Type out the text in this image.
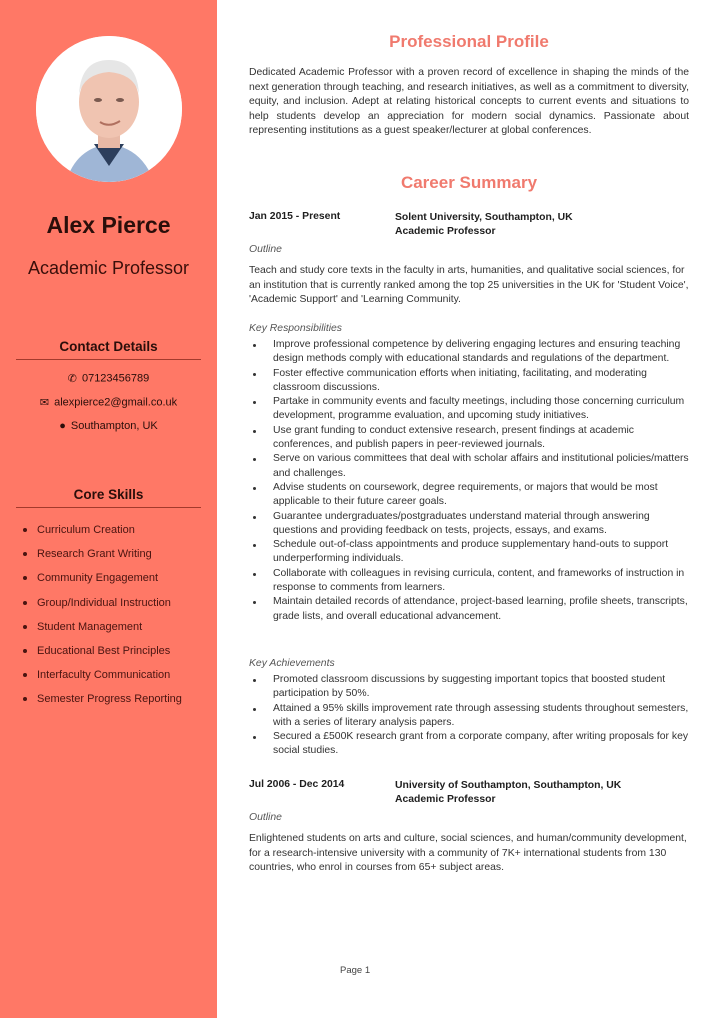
Alex Pierce
Academic Professor
Contact Details
✆ 07123456789
✉ alexpierce2@gmail.co.uk
● Southampton, UK
Core Skills
Curriculum Creation
Research Grant Writing
Community Engagement
Group/Individual Instruction
Student Management
Educational Best Principles
Interfaculty Communication
Semester Progress Reporting
Professional Profile
Dedicated Academic Professor with a proven record of excellence in shaping the minds of the next generation through teaching, and research initiatives, as well as a commitment to diversity, equity, and inclusion. Adept at relating historical concepts to current events and situations to help students develop an appreciation for modern social dynamics. Passionate about representing institutions as a guest speaker/lecturer at global conferences.
Career Summary
Jan 2015 - Present	Solent University, Southampton, UK
Academic Professor
Outline
Teach and study core texts in the faculty in arts, humanities, and qualitative social sciences, for an institution that is currently ranked among the top 25 universities in the UK for 'Student Voice', 'Academic Support' and 'Learning Community.
Key Responsibilities
Improve professional competence by delivering engaging lectures and ensuring teaching design methods comply with educational standards and regulations of the department.
Foster effective communication efforts when initiating, facilitating, and moderating classroom discussions.
Partake in community events and faculty meetings, including those concerning curriculum development, programme evaluation, and upcoming study initiatives.
Use grant funding to conduct extensive research, present findings at academic conferences, and publish papers in peer-reviewed journals.
Serve on various committees that deal with scholar affairs and institutional policies/matters and challenges.
Advise students on coursework, degree requirements, or majors that would be most applicable to their future career goals.
Guarantee undergraduates/postgraduates understand material through answering questions and providing feedback on tests, projects, essays, and exams.
Schedule out-of-class appointments and produce supplementary hand-outs to support underperforming individuals.
Collaborate with colleagues in revising curricula, content, and frameworks of instruction in response to comments from learners.
Maintain detailed records of attendance, project-based learning, profile sheets, transcripts, grade lists, and overall educational advancement.
Key Achievements
Promoted classroom discussions by suggesting important topics that boosted student participation by 50%.
Attained a 95% skills improvement rate through assessing students throughout semesters, with a series of literary analysis papers.
Secured a £500K research grant from a corporate company, after writing proposals for key social studies.
Jul 2006 - Dec 2014	University of Southampton, Southampton, UK
Academic Professor
Outline
Enlightened students on arts and culture, social sciences, and human/community development, for a research-intensive university with a community of 7K+ international students from 130 countries, who enrol in courses from 65+ subject areas.
Page 1
